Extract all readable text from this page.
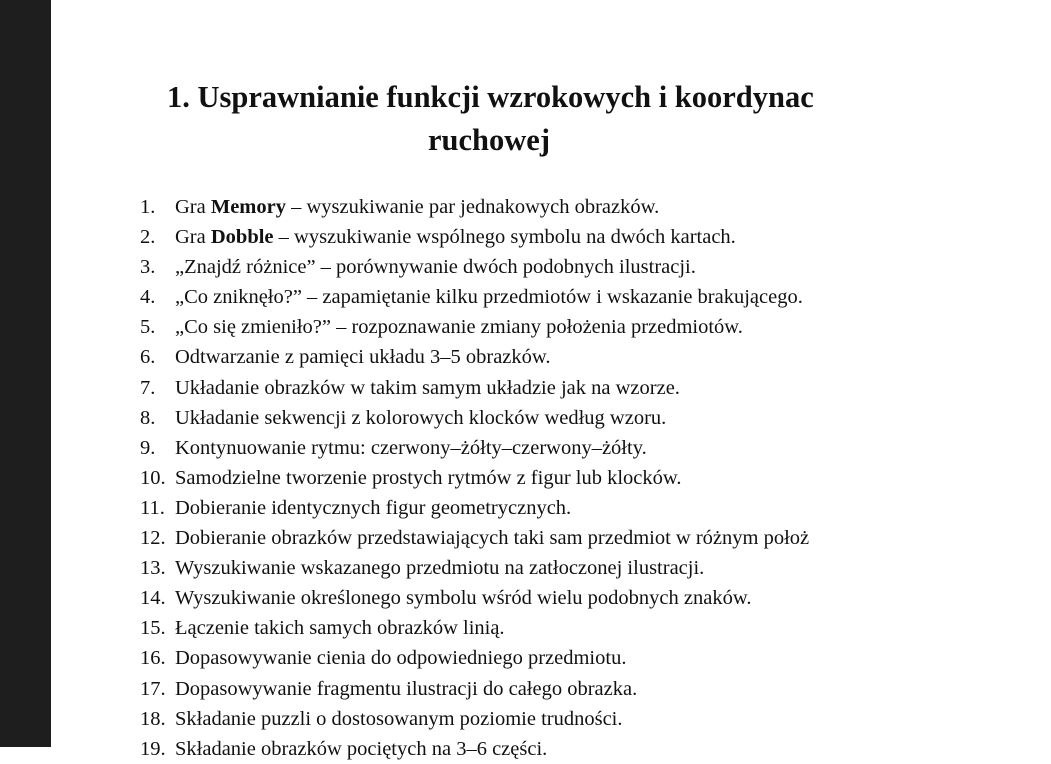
1. Usprawnianie funkcji wzrokowych i koordynac
ruchowej
1. Gra Memory – wyszukiwanie par jednakowych obrazków.
2. Gra Dobble – wyszukiwanie wspólnego symbolu na dwóch kartach.
3. „Znajdź różnice” – porównywanie dwóch podobnych ilustracji.
4. „Co zniknęło?” – zapamiętanie kilku przedmiotów i wskazanie brakującego.
5. „Co się zmieniło?” – rozpoznawanie zmiany położenia przedmiotów.
6. Odtwarzanie z pamięci układu 3–5 obrazków.
7. Układanie obrazków w takim samym układzie jak na wzorze.
8. Układanie sekwencji z kolorowych klocków według wzoru.
9. Kontynuowanie rytmu: czerwony–żółty–czerwony–żółty.
10. Samodzielne tworzenie prostych rytmów z figur lub klocków.
11. Dobieranie identycznych figur geometrycznych.
12. Dobieranie obrazków przedstawiających taki sam przedmiot w różnym położ
13. Wyszukiwanie wskazanego przedmiotu na zatłoczonej ilustracji.
14. Wyszukiwanie określonego symbolu wśród wielu podobnych znaków.
15. Łączenie takich samych obrazków linią.
16. Dopasowywanie cienia do odpowiedniego przedmiotu.
17. Dopasowywanie fragmentu ilustracji do całego obrazka.
18. Składanie puzzli o dostosowanym poziomie trudności.
19. Składanie obrazków pociętych na 3–6 części.
